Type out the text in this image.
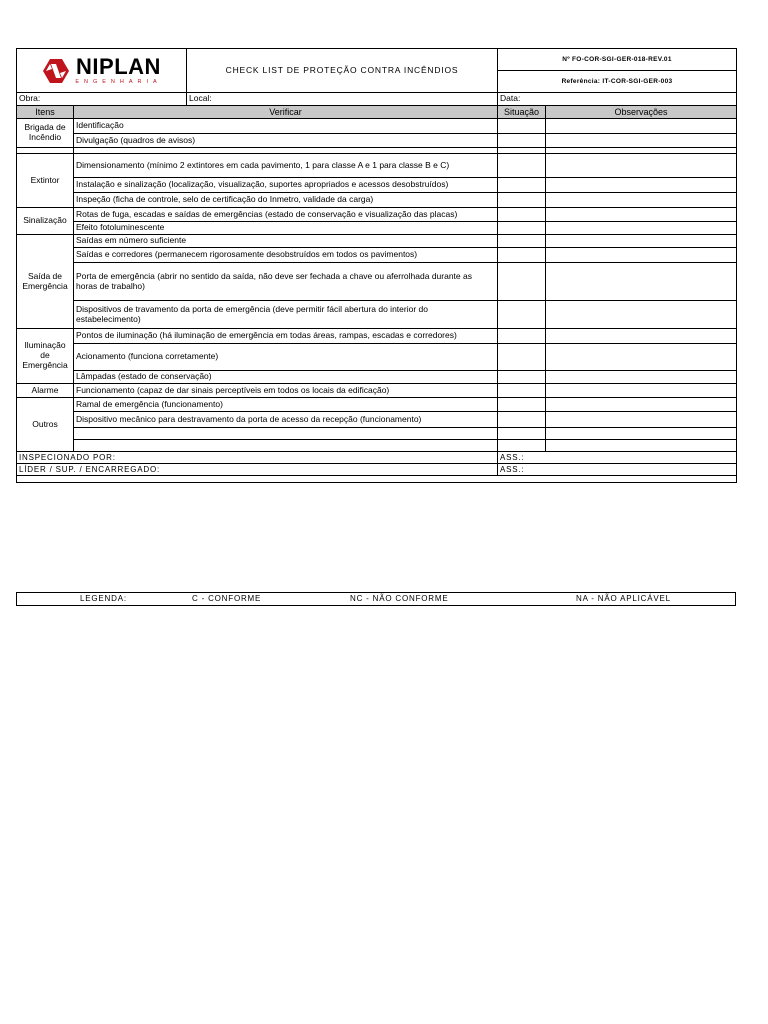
NIPLAN
ENGENHARIA		CHECK LIST DE PROTEÇÃO CONTRA INCÊNDIOS	Nº FO-COR-SGI-GER-018-REV.01	
			Referência: IT-COR-SGI-GER-003	
Obra:		Local:	Data:	
Itens	Verificar		Situação	Observações
Brigada de Incêndio	Identificação			
	Divulgação (quadros de avisos)			

Extintor	Dimensionamento (mínimo 2 extintores em cada pavimento, 1 para classe A e 1 para classe B e C)			
	Instalação e sinalização (localização, visualização, suportes apropriados e acessos desobstruídos)			
	Inspeção (ficha de controle, selo de certificação do Inmetro, validade da carga)			
Sinalização	Rotas de fuga, escadas e saídas de emergências (estado de conservação e visualização das placas)			
	Efeito fotoluminescente			
Saída de Emergência	Saídas em número suficiente			
	Saídas e corredores (permanecem rigorosamente desobstruídos em todos os pavimentos)			
	Porta de emergência (abrir no sentido da saída, não deve ser fechada a chave ou aferrolhada durante as horas de trabalho)			
	Dispositivos de travamento da porta de emergência (deve permitir fácil abertura do interior do estabelecimento)			
Iluminação de Emergência	Pontos de iluminação (há iluminação de emergência em todas áreas, rampas, escadas e corredores)			
	Acionamento (funciona corretamente)			
	Lâmpadas (estado de conservação)			
Alarme	Funcionamento (capaz de dar sinais perceptíveis em todos os locais da edificação)			
Outros	Ramal de emergência (funcionamento)			
	Dispositivo mecânico para destravamento da porta de acesso da recepção (funcionamento)			

INSPECIONADO POR:			ASS.:	
LÍDER / SUP. / ENCARREGADO:			ASS.:	

LEGENDA:	C - CONFORME	NC - NÃO CONFORME	NA - NÃO APLICÁVEL
